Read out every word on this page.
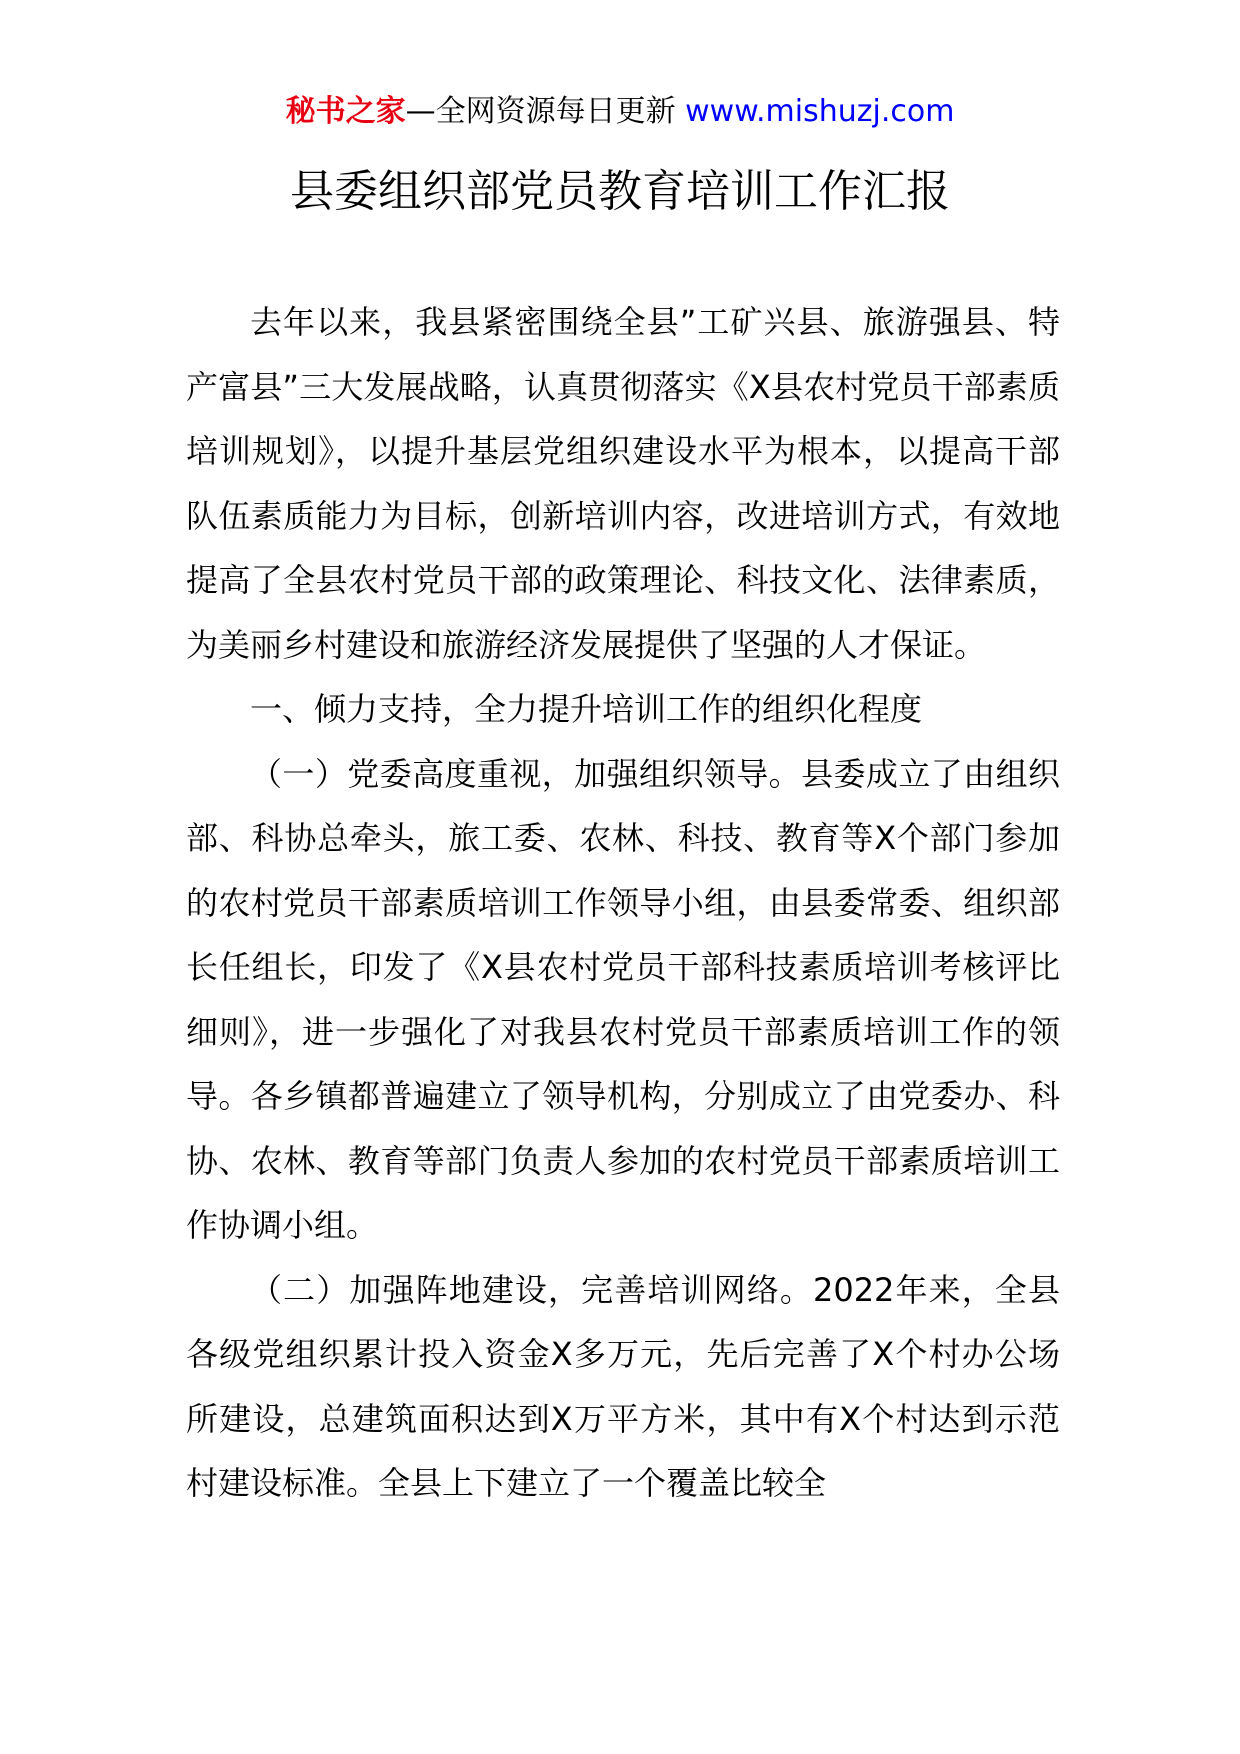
秘书之家—全网资源每日更新 www.mishuzj.com
县委组织部党员教育培训工作汇报

去年以来，我县紧密围绕全县”工矿兴县、旅游强县、特产富县”三大发展战略，认真贯彻落实《X县农村党员干部素质培训规划》，以提升基层党组织建设水平为根本，以提高干部队伍素质能力为目标，创新培训内容，改进培训方式，有效地提高了全县农村党员干部的政策理论、科技文化、法律素质，为美丽乡村建设和旅游经济发展提供了坚强的人才保证。

一、倾力支持，全力提升培训工作的组织化程度

（一）党委高度重视，加强组织领导。县委成立了由组织部、科协总牵头，旅工委、农林、科技、教育等X个部门参加的农村党员干部素质培训工作领导小组，由县委常委、组织部长任组长，印发了《X县农村党员干部科技素质培训考核评比细则》，进一步强化了对我县农村党员干部素质培训工作的领导。各乡镇都普遍建立了领导机构，分别成立了由党委办、科协、农林、教育等部门负责人参加的农村党员干部素质培训工作协调小组。

（二）加强阵地建设，完善培训网络。2022年来，全县各级党组织累计投入资金X多万元，先后完善了X个村办公场所建设，总建筑面积达到X万平方米，其中有X个村达到示范村建设标准。全县上下建立了一个覆盖比较全
